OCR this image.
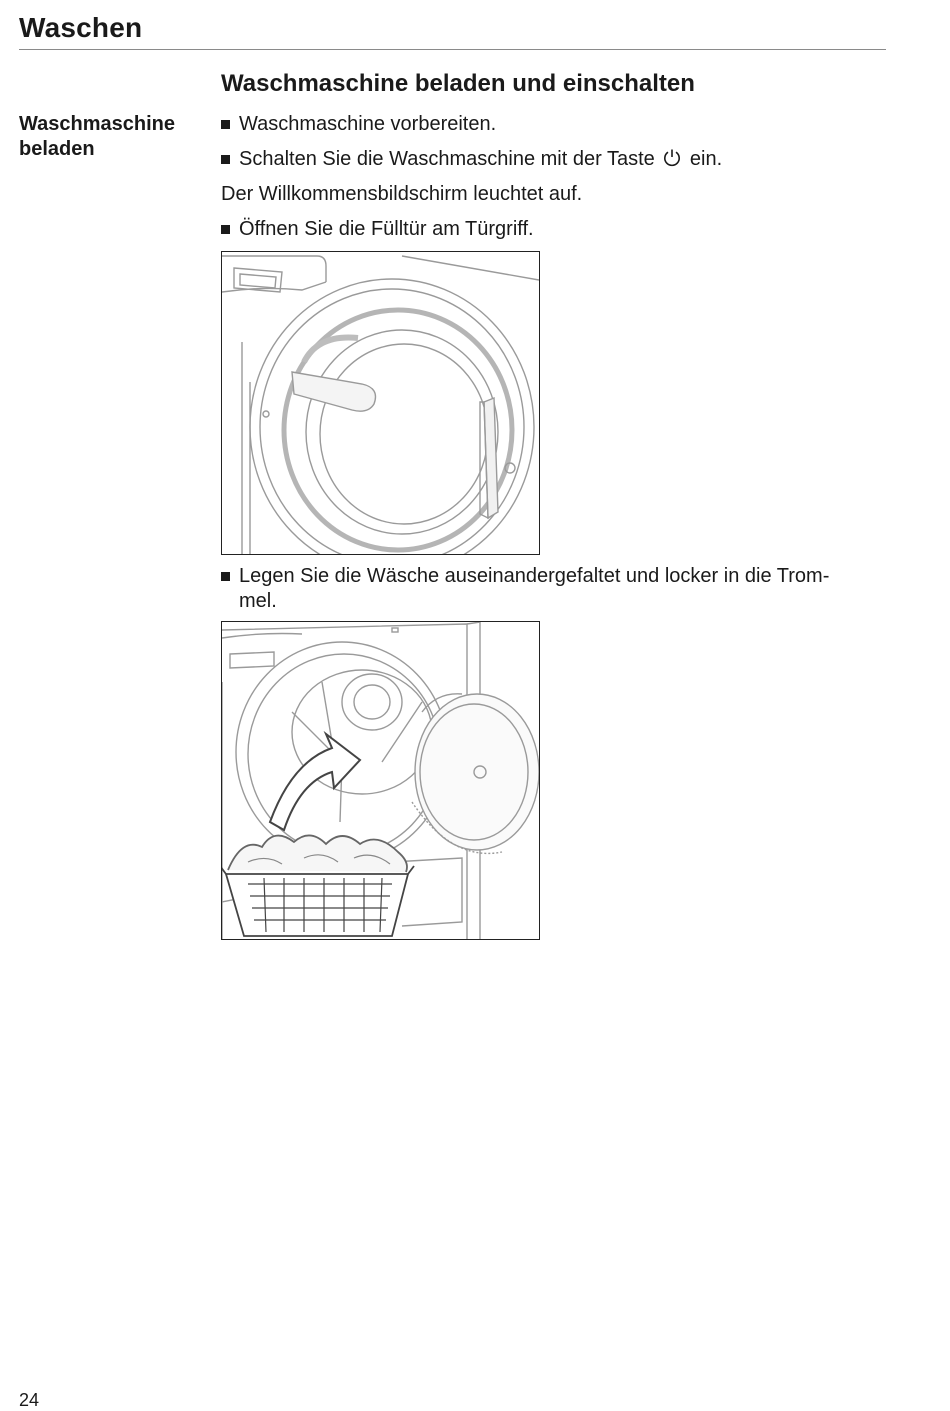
Waschen
Waschmaschine
beladen
Waschmaschine beladen und einschalten
Waschmaschine vorbereiten.
Schalten Sie die Waschmaschine mit der Taste ein.
Der Willkommensbildschirm leuchtet auf.
Öffnen Sie die Fülltür am Türgriff.
Legen Sie die Wäsche auseinandergefaltet und locker in die Trom-
mel.
24
